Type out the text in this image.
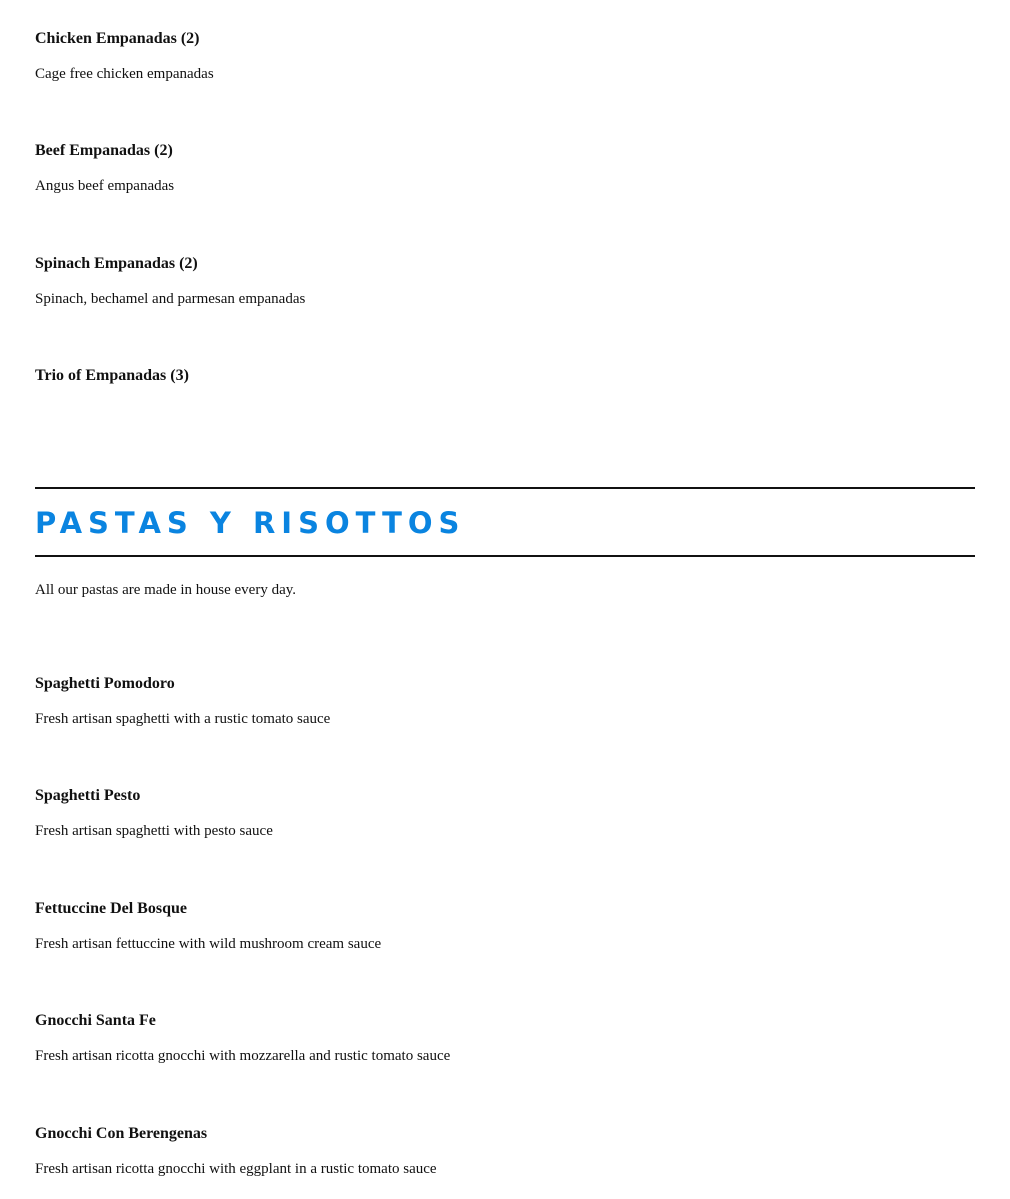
Chicken Empanadas (2)

Cage free chicken empanadas

Beef Empanadas (2)

Angus beef empanadas

Spinach Empanadas (2)

Spinach, bechamel and parmesan empanadas

Trio of Empanadas (3)

PASTAS Y RISOTTOS

All our pastas are made in house every day.

Spaghetti Pomodoro

Fresh artisan spaghetti with a rustic tomato sauce

Spaghetti Pesto

Fresh artisan spaghetti with pesto sauce

Fettuccine Del Bosque

Fresh artisan fettuccine with wild mushroom cream sauce

Gnocchi Santa Fe

Fresh artisan ricotta gnocchi with mozzarella and rustic tomato sauce

Gnocchi Con Berengenas

Fresh artisan ricotta gnocchi with eggplant in a rustic tomato sauce
